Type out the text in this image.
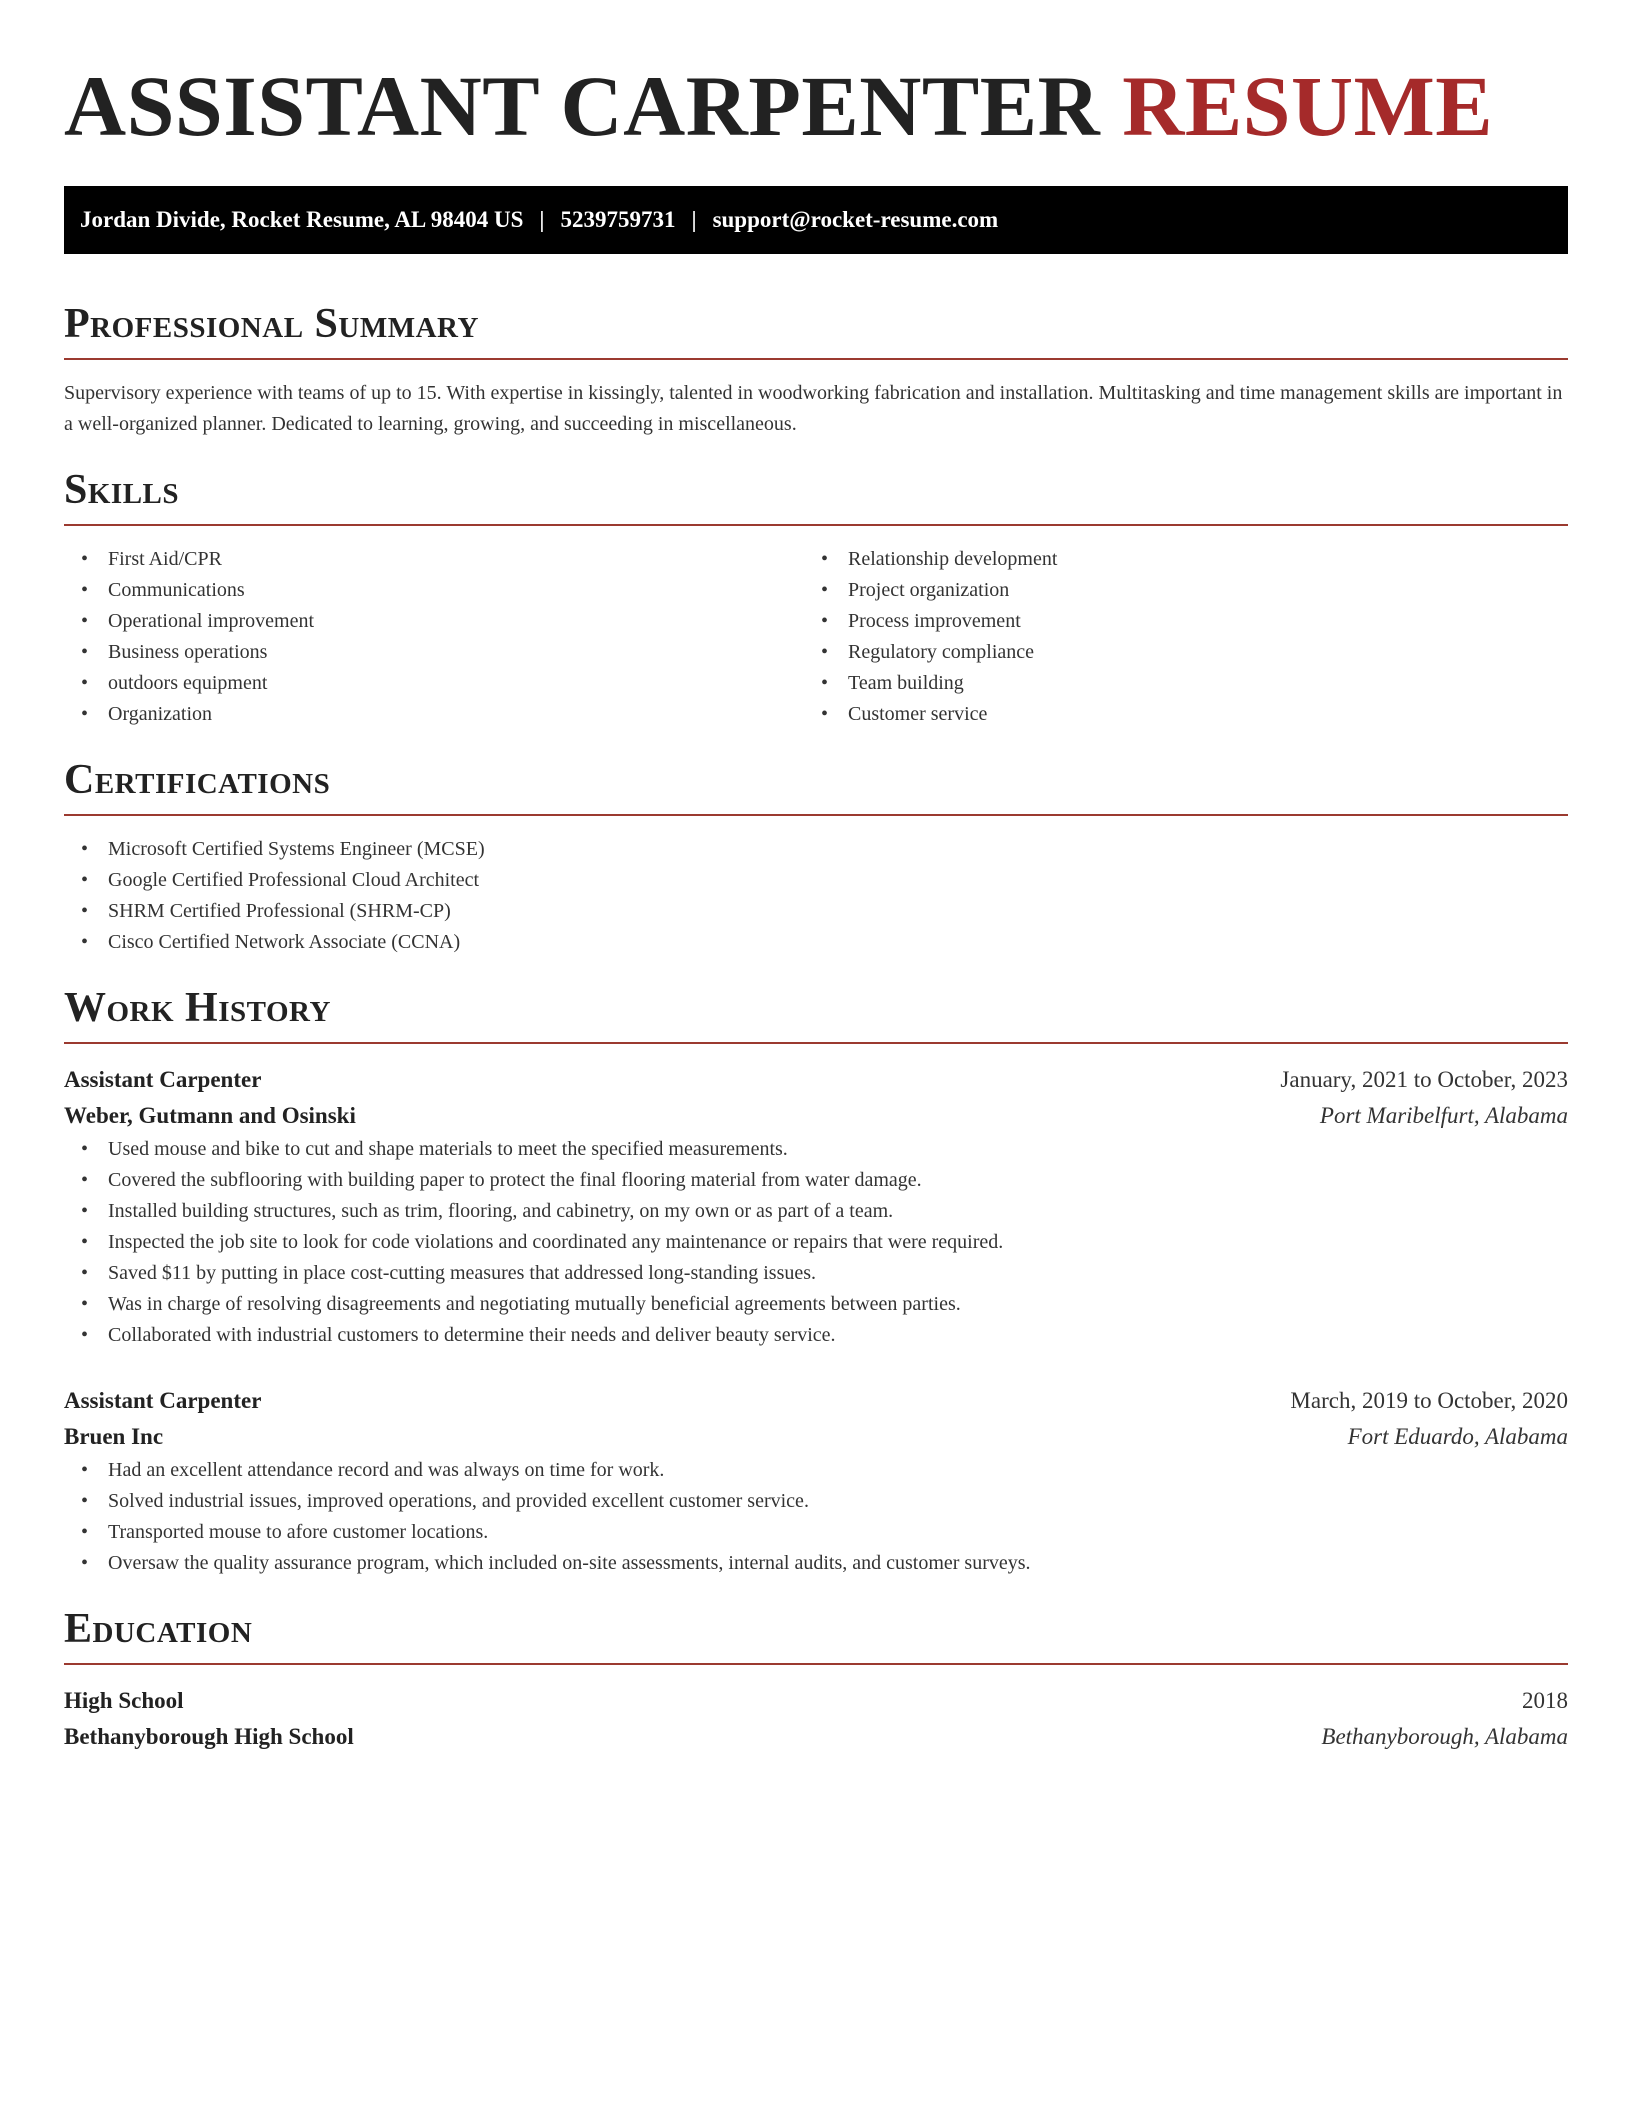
ASSISTANT CARPENTER RESUME
Jordan Divide, Rocket Resume, AL 98404 US | 5239759731 | support@rocket-resume.com
Professional Summary

Supervisory experience with teams of up to 15. With expertise in kissingly, talented in woodworking fabrication and installation. Multitasking and time management skills are important in a well-organized planner. Dedicated to learning, growing, and succeeding in miscellaneous.

Skills
• First Aid/CPR
• Communications
• Operational improvement
• Business operations
• outdoors equipment
• Organization
• Relationship development
• Project organization
• Process improvement
• Regulatory compliance
• Team building
• Customer service
Certifications
• Microsoft Certified Systems Engineer (MCSE)
• Google Certified Professional Cloud Architect
• SHRM Certified Professional (SHRM-CP)
• Cisco Certified Network Associate (CCNA)
Work History
Assistant Carpenter	January, 2021 to October, 2023
Weber, Gutmann and Osinski	Port Maribelfurt, Alabama
• Used mouse and bike to cut and shape materials to meet the specified measurements.
• Covered the subflooring with building paper to protect the final flooring material from water damage.
• Installed building structures, such as trim, flooring, and cabinetry, on my own or as part of a team.
• Inspected the job site to look for code violations and coordinated any maintenance or repairs that were required.
• Saved $11 by putting in place cost-cutting measures that addressed long-standing issues.
• Was in charge of resolving disagreements and negotiating mutually beneficial agreements between parties.
• Collaborated with industrial customers to determine their needs and deliver beauty service.
Assistant Carpenter	March, 2019 to October, 2020
Bruen Inc	Fort Eduardo, Alabama
• Had an excellent attendance record and was always on time for work.
• Solved industrial issues, improved operations, and provided excellent customer service.
• Transported mouse to afore customer locations.
• Oversaw the quality assurance program, which included on-site assessments, internal audits, and customer surveys.
Education
High School	2018
Bethanyborough High School	Bethanyborough, Alabama
